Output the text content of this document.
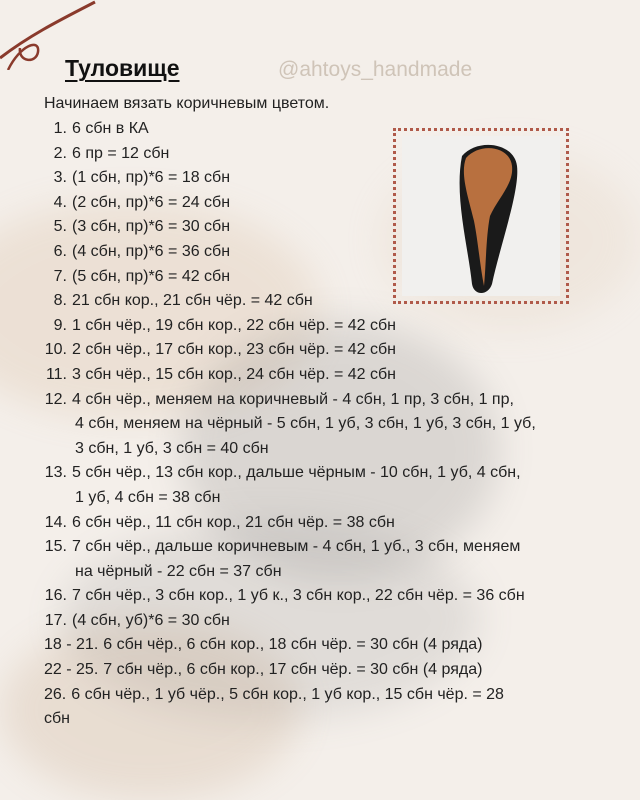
Туловище	@ahtoys_handmade
Начинаем вязать коричневым цветом.
1. 6 сбн в КА
2. 6 пр = 12 сбн
3. (1 сбн, пр)*6 = 18 сбн
4. (2 сбн, пр)*6 = 24 сбн
5. (3 сбн, пр)*6 = 30 сбн
6. (4 сбн, пр)*6 = 36 сбн
7. (5 сбн, пр)*6 = 42 сбн
8. 21 сбн кор., 21 сбн чёр. = 42 сбн
9. 1 сбн чёр., 19 сбн кор., 22 сбн чёр. = 42 сбн
10. 2 сбн чёр., 17 сбн кор., 23 сбн чёр. = 42 сбн
11. 3 сбн чёр., 15 сбн кор., 24 сбн чёр. = 42 сбн
12. 4 сбн чёр., меняем на коричневый - 4 сбн, 1 пр, 3 сбн, 1 пр,
4 сбн, меняем на чёрный - 5 сбн, 1 уб, 3 сбн, 1 уб, 3 сбн, 1 уб,
3 сбн, 1 уб, 3 сбн = 40 сбн
13. 5 сбн чёр., 13 сбн кор., дальше чёрным - 10 сбн, 1 уб, 4 сбн,
1 уб, 4 сбн = 38 сбн
14. 6 сбн чёр., 11 сбн кор., 21 сбн чёр. = 38 сбн
15. 7 сбн чёр., дальше коричневым - 4 сбн, 1 уб., 3 сбн, меняем
на чёрный - 22 сбн = 37 сбн
16. 7 сбн чёр., 3 сбн кор., 1 уб к., 3 сбн кор., 22 сбн чёр. = 36 сбн
17. (4 сбн, уб)*6 = 30 сбн
18 - 21. 6 сбн чёр., 6 сбн кор., 18 сбн чёр. = 30 сбн (4 ряда)
22 - 25. 7 сбн чёр., 6 сбн кор., 17 сбн чёр. = 30 сбн (4 ряда)
26. 6 сбн чёр., 1 уб чёр., 5 сбн кор., 1 уб кор., 15 сбн чёр. = 28
сбн
